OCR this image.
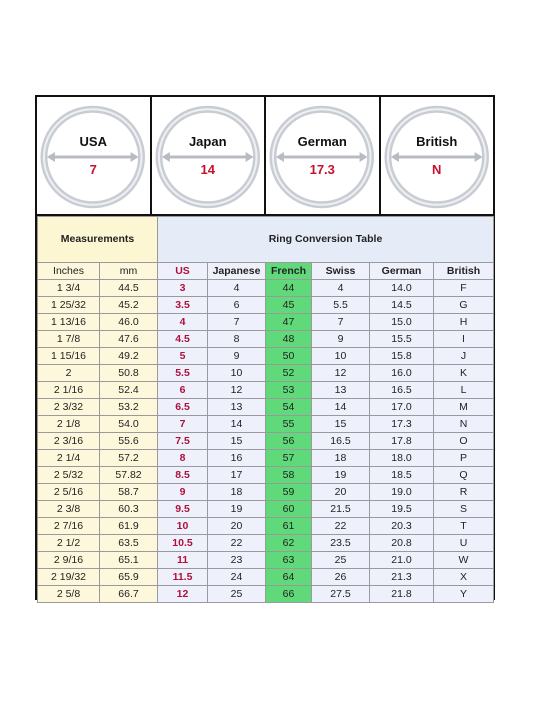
USA
7
Japan
14
German
17.3
British
N
Measurements		Ring Conversion Table					
Inches	mm	US	Japanese	French	Swiss	German	British
1 3/4	44.5	3	4	44	4	14.0	F
1 25/32	45.2	3.5	6	45	5.5	14.5	G
1 13/16	46.0	4	7	47	7	15.0	H
1 7/8	47.6	4.5	8	48	9	15.5	I
1 15/16	49.2	5	9	50	10	15.8	J
2	50.8	5.5	10	52	12	16.0	K
2 1/16	52.4	6	12	53	13	16.5	L
2 3/32	53.2	6.5	13	54	14	17.0	M
2 1/8	54.0	7	14	55	15	17.3	N
2 3/16	55.6	7.5	15	56	16.5	17.8	O
2 1/4	57.2	8	16	57	18	18.0	P
2 5/32	57.82	8.5	17	58	19	18.5	Q
2 5/16	58.7	9	18	59	20	19.0	R
2 3/8	60.3	9.5	19	60	21.5	19.5	S
2 7/16	61.9	10	20	61	22	20.3	T
2 1/2	63.5	10.5	22	62	23.5	20.8	U
2 9/16	65.1	11	23	63	25	21.0	W
2 19/32	65.9	11.5	24	64	26	21.3	X
2 5/8	66.7	12	25	66	27.5	21.8	Y
